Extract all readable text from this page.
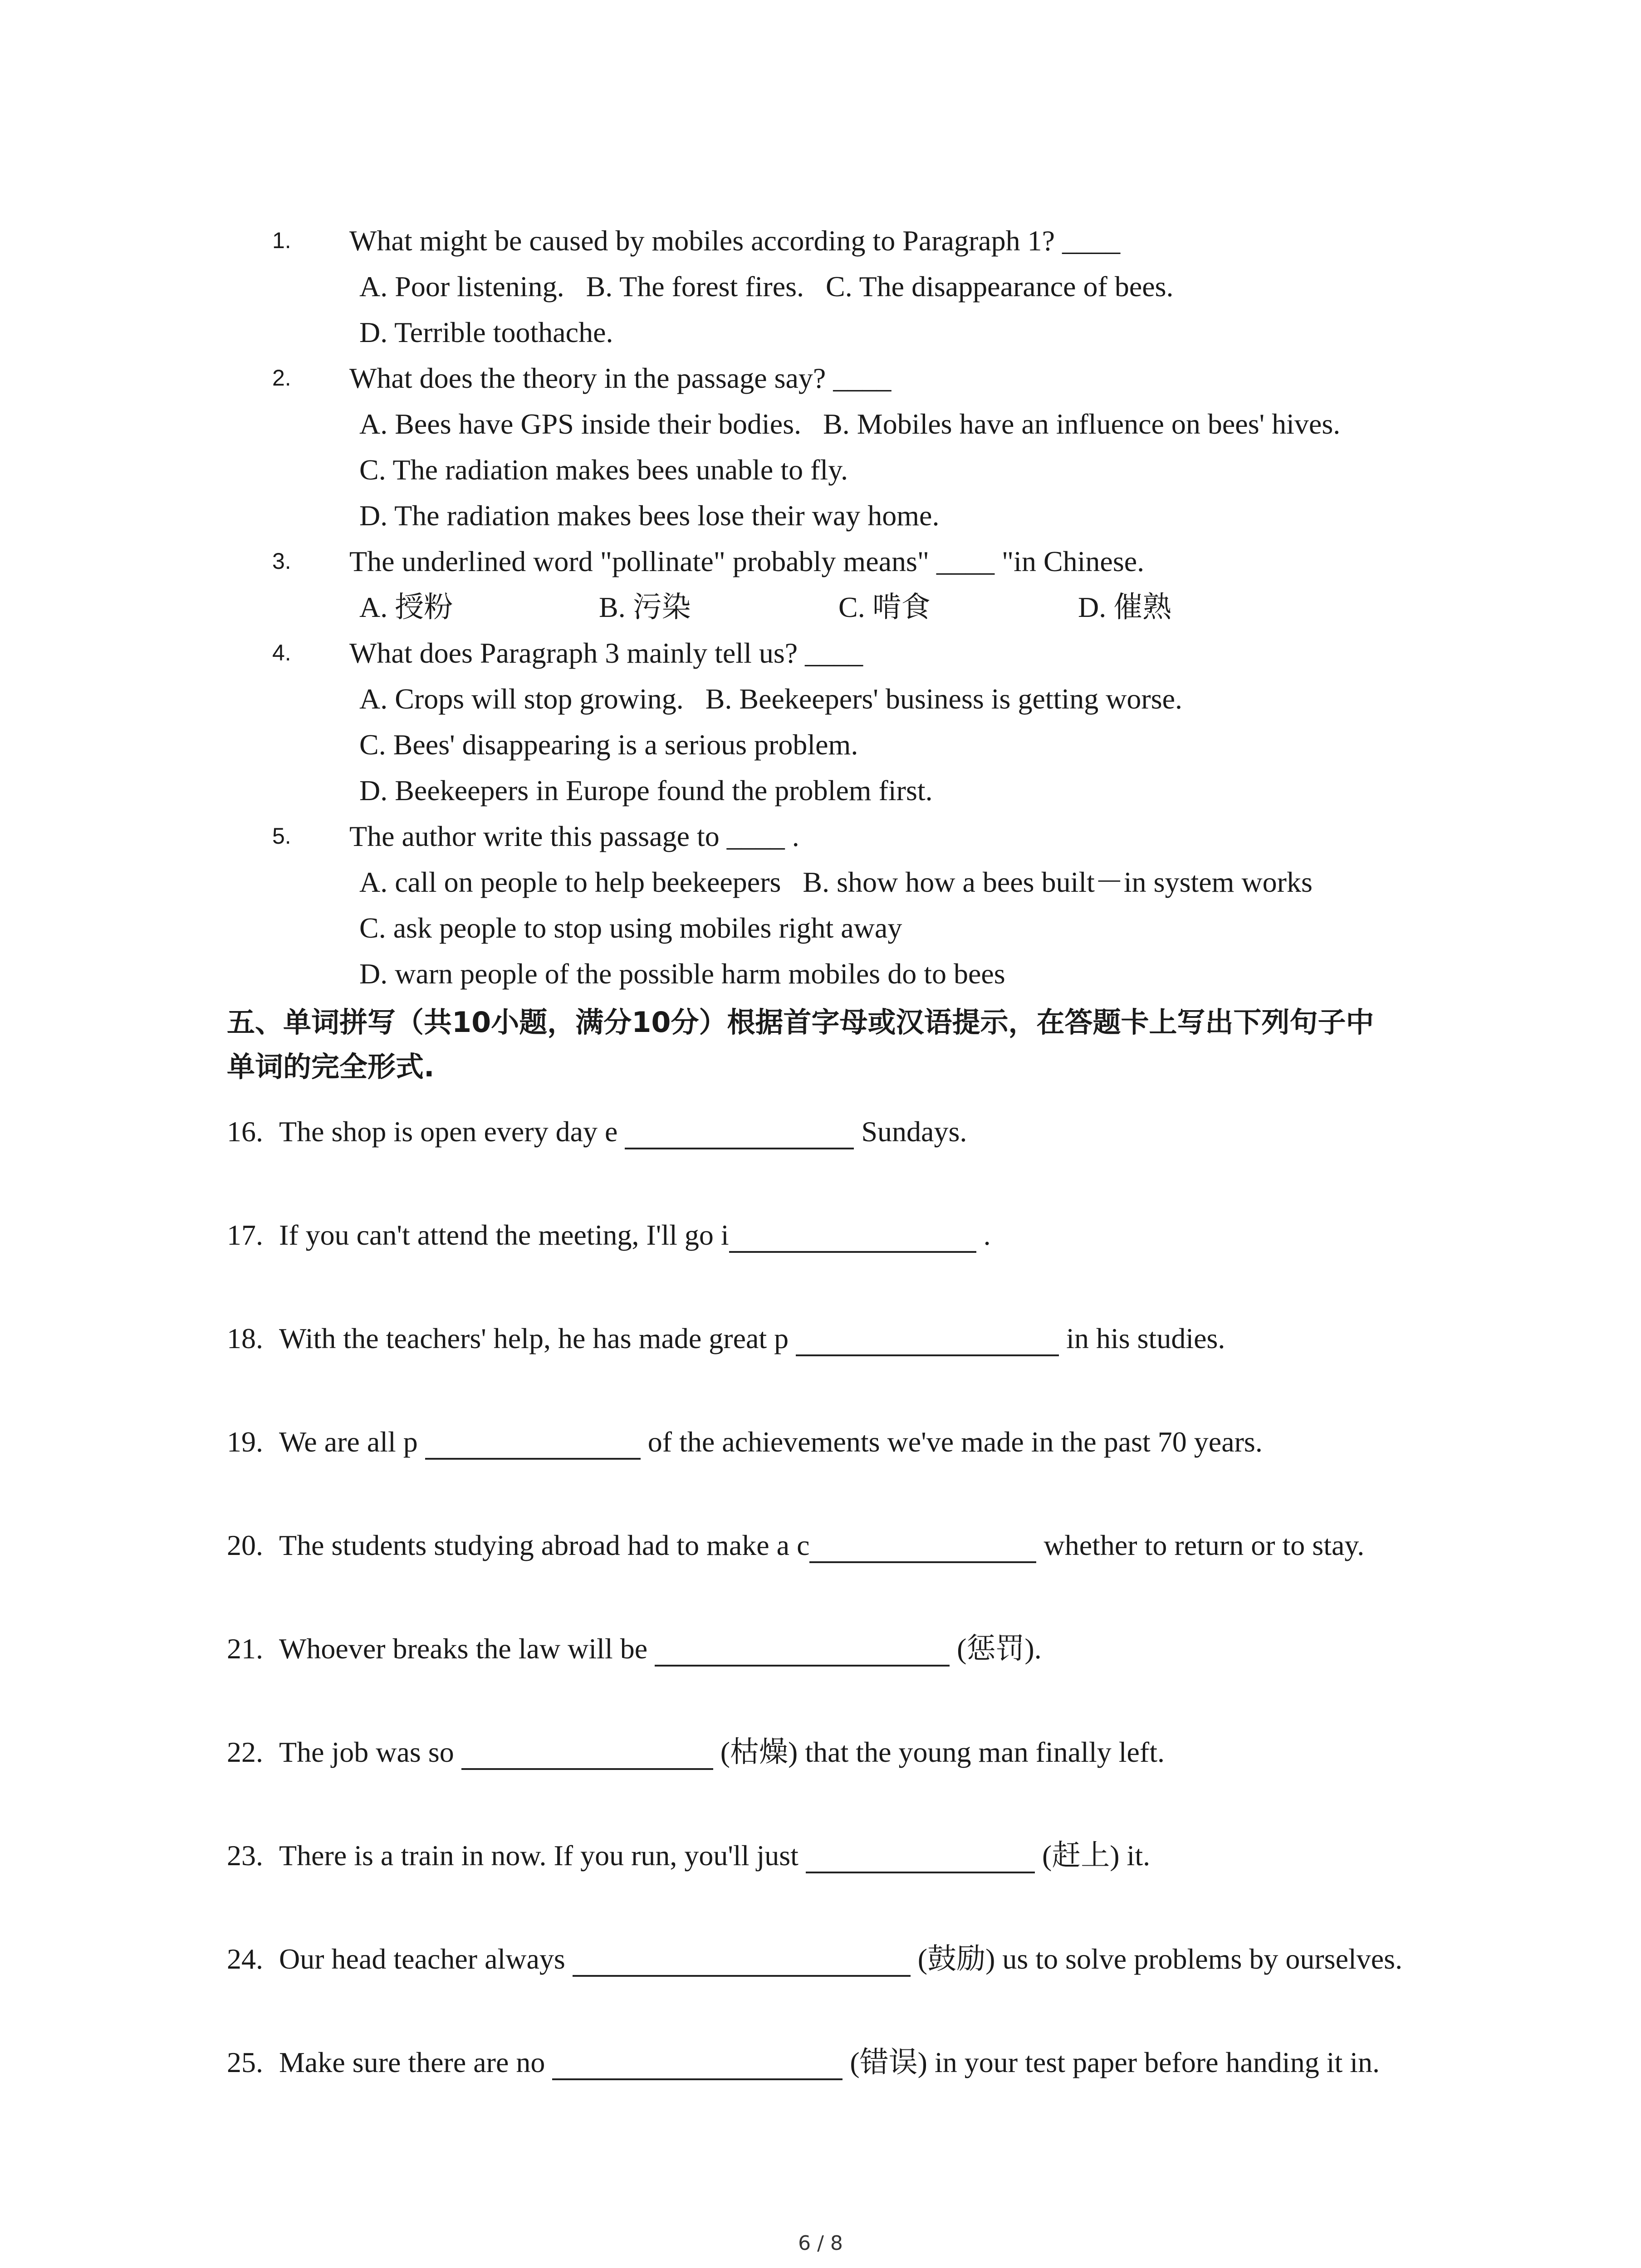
1.	What might be caused by mobiles according to Paragraph 1? ____
A. Poor listening.   B. The forest fires.   C. The disappearance of bees.
D. Terrible toothache.
2.	What does the theory in the passage say? ____
A. Bees have GPS inside their bodies.   B. Mobiles have an influence on bees' hives.
C. The radiation makes bees unable to fly.
D. The radiation makes bees lose their way home.
3.	The underlined word "pollinate" probably means" ____ "in Chinese.
A. 授粉	B. 污染	C. 啃食	D. 催熟
4.	What does Paragraph 3 mainly tell us? ____
A. Crops will stop growing.   B. Beekeepers' business is getting worse.
C. Bees' disappearing is a serious problem.
D. Beekeepers in Europe found the problem first.
5.	The author write this passage to ____ .
A. call on people to help beekeepers   B. show how a bees built－in system works
C. ask people to stop using mobiles right away
D. warn people of the possible harm mobiles do to bees
五、单词拼写（共10小题，满分10分）根据首字母或汉语提示，在答题卡上写出下列句子中
单词的完全形式.
16. The shop is open every day e	Sundays.
17. If you can't attend the meeting, I'll go i	.
18. With the teachers' help, he has made great p	in his studies.
19. We are all p	of the achievements we've made in the past 70 years.
20. The students studying abroad had to make a c	whether to return or to stay.
21. Whoever breaks the law will be	(惩罚).
22. The job was so	(枯燥) that the young man finally left.
23. There is a train in now. If you run, you'll just	(赶上) it.
24. Our head teacher always	(鼓励) us to solve problems by ourselves.
25. Make sure there are no	(错误) in your test paper before handing it in.
6 / 8
